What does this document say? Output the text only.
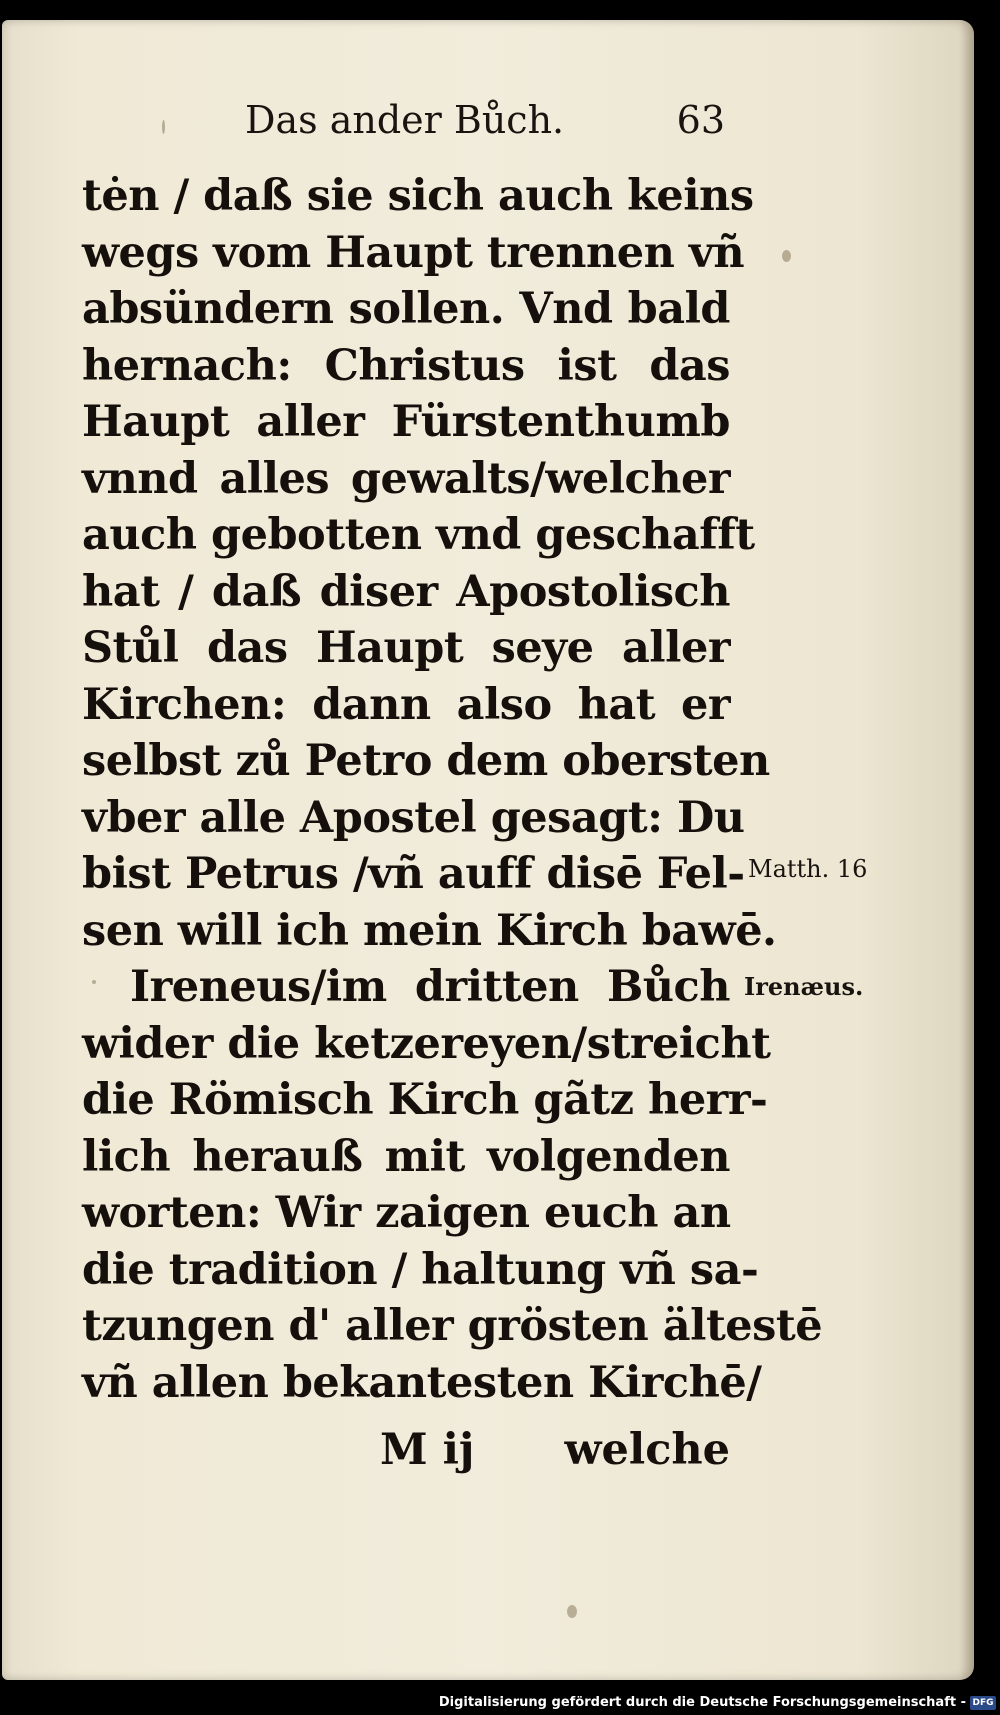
Das ander Bůch.	63
tėn / daß sie sich auch keins
wegs vom Haupt trennen vñ
absündern sollen. Vnd bald
hernach: Christus ist das
Haupt aller Fürstenthumb
vnnd alles gewalts/welcher
auch gebotten vnd geschafft
hat / daß diser Apostolisch
Stůl das Haupt seye aller
Kirchen: dann also hat er
selbst zů Petro dem obersten
vber alle Apostel gesagt: Du
bist Petrus /vñ auff disē Fel-
sen will ich mein Kirch bawē.
Ireneus/im dritten Bůch
wider die ketzereyen/streicht
die Römisch Kirch gãtz herr-
lich herauß mit volgenden
worten: Wir zaigen euch an
die tradition / haltung vñ sa-
tzungen d' aller grösten ältestē
vñ allen bekantesten Kirchē/
M ij welche
Matth. 16
Irenæus.
Digitalisierung gefördert durch die Deutsche Forschungsgemeinschaft - DFG
